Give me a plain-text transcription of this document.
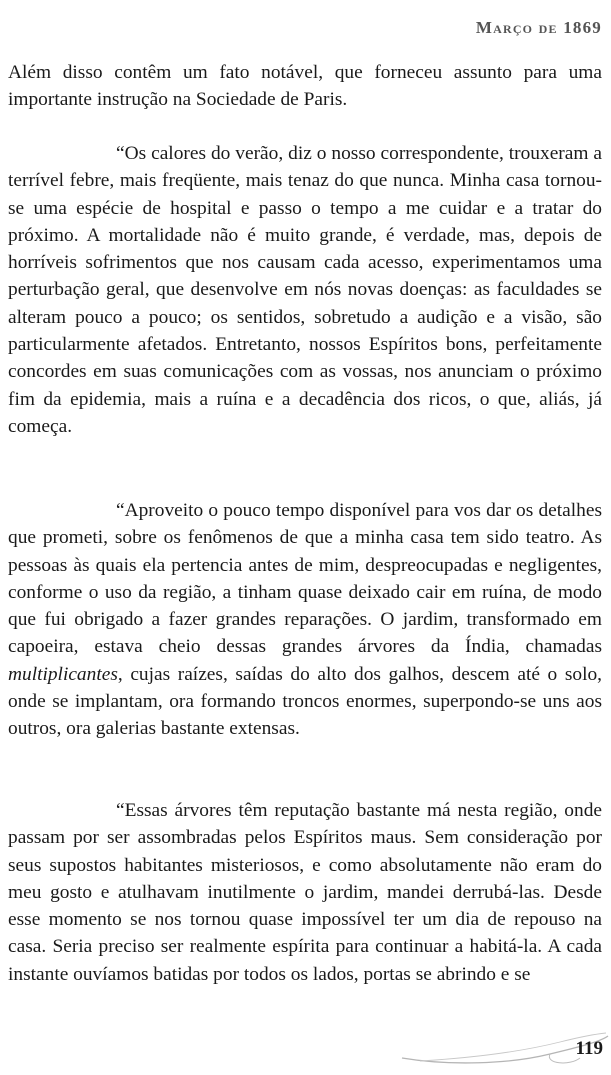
Março de 1869

Além disso contêm um fato notável, que forneceu assunto para uma importante instrução na Sociedade de Paris.

“Os calores do verão, diz o nosso correspondente, trouxeram a terrível febre, mais freqüente, mais tenaz do que nunca. Minha casa tornou-se uma espécie de hospital e passo o tempo a me cuidar e a tratar do próximo. A mortalidade não é muito grande, é verdade, mas, depois de horríveis sofrimentos que nos causam cada acesso, experimentamos uma perturbação geral, que desenvolve em nós novas doenças: as faculdades se alteram pouco a pouco; os sentidos, sobretudo a audição e a visão, são particularmente afetados. Entretanto, nossos Espíritos bons, perfeitamente concordes em suas comunicações com as vossas, nos anunciam o próximo fim da epidemia, mais a ruína e a decadência dos ricos, o que, aliás, já começa.

“Aproveito o pouco tempo disponível para vos dar os detalhes que prometi, sobre os fenômenos de que a minha casa tem sido teatro. As pessoas às quais ela pertencia antes de mim, despreocupadas e negligentes, conforme o uso da região, a tinham quase deixado cair em ruína, de modo que fui obrigado a fazer grandes reparações. O jardim, transformado em capoeira, estava cheio dessas grandes árvores da Índia, chamadas multiplicantes, cujas raízes, saídas do alto dos galhos, descem até o solo, onde se implantam, ora formando troncos enormes, superpondo-se uns aos outros, ora galerias bastante extensas.

“Essas árvores têm reputação bastante má nesta região, onde passam por ser assombradas pelos Espíritos maus. Sem consideração por seus supostos habitantes misteriosos, e como absolutamente não eram do meu gosto e atulhavam inutilmente o jardim, mandei derrubá-las. Desde esse momento se nos tornou quase impossível ter um dia de repouso na casa. Seria preciso ser realmente espírita para continuar a habitá-la. A cada instante ouvíamos batidas por todos os lados, portas se abrindo e se

119
